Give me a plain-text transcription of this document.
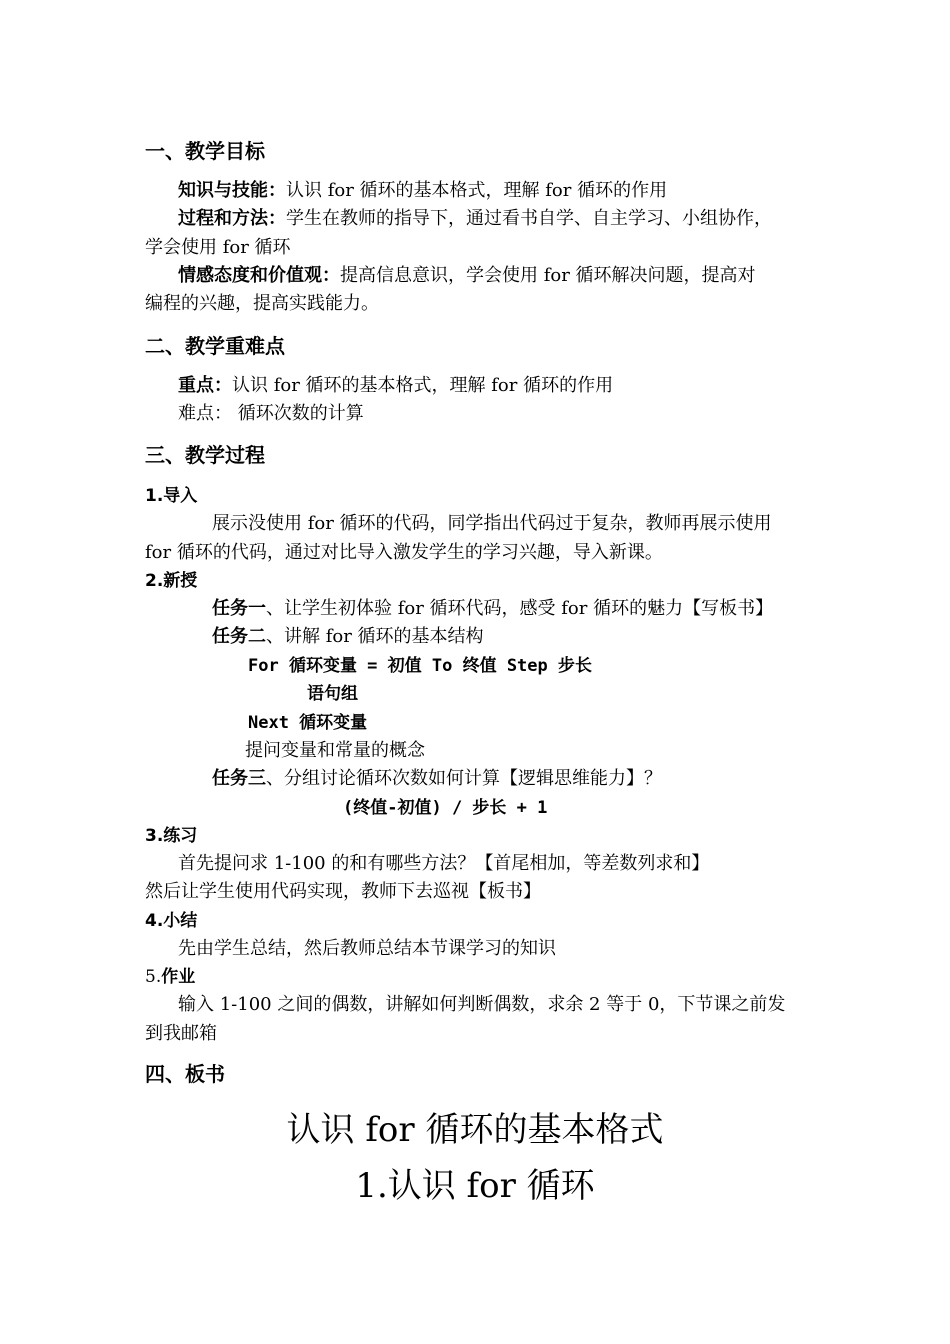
一、教学目标
知识与技能：认识 for 循环的基本格式，理解 for 循环的作用
过程和方法：学生在教师的指导下，通过看书自学、自主学习、小组协作，
学会使用 for 循环
情感态度和价值观：提高信息意识，学会使用 for 循环解决问题，提高对
编程的兴趣，提高实践能力。
二、教学重难点
重点：认识 for 循环的基本格式，理解 for 循环的作用
难点： 循环次数的计算
三、教学过程
1.导入
展示没使用 for 循环的代码，同学指出代码过于复杂，教师再展示使用
for 循环的代码，通过对比导入激发学生的学习兴趣，导入新课。
2.新授
任务一、让学生初体验 for 循环代码，感受 for 循环的魅力【写板书】
任务二、讲解 for 循环的基本结构
For 循环变量 = 初值 To 终值 Step 步长
语句组
Next 循环变量
提问变量和常量的概念
任务三、分组讨论循环次数如何计算【逻辑思维能力】？
(终值-初值) / 步长 + 1
3.练习
首先提问求 1-100 的和有哪些方法？【首尾相加，等差数列求和】
然后让学生使用代码实现，教师下去巡视【板书】
4.小结
先由学生总结，然后教师总结本节课学习的知识
5.作业
输入 1-100 之间的偶数，讲解如何判断偶数，求余 2 等于 0，下节课之前发
到我邮箱
四、板书
认识 for 循环的基本格式
1.认识 for 循环
